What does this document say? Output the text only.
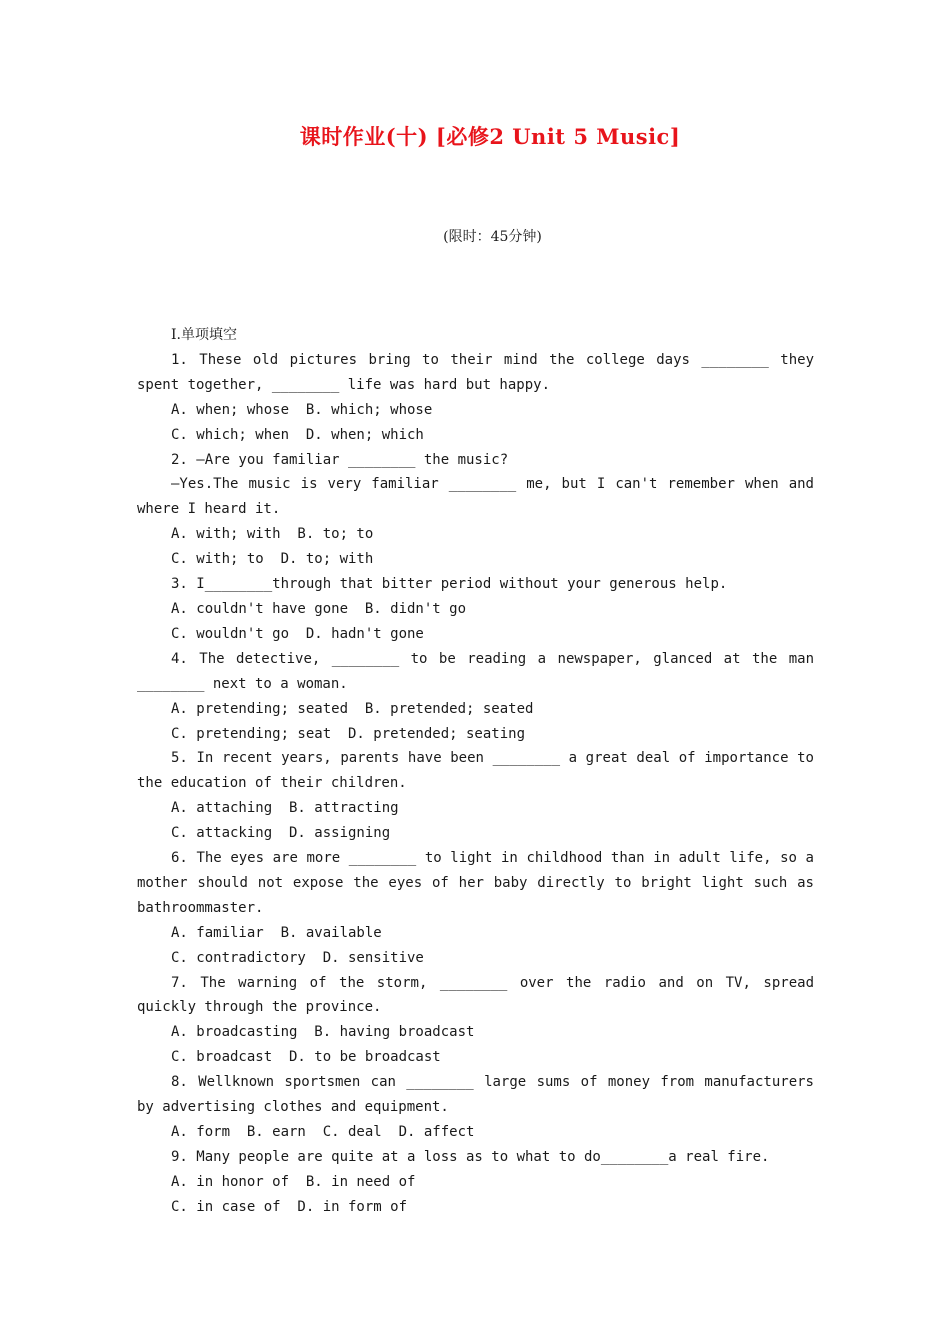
课时作业(十) [必修2 Unit 5 Music]
(限时：45分钟)

Ⅰ.单项填空

1. These old pictures bring to their mind the college days ________ they spent together, ________ life was hard but happy.

A. when; whose  B. which; whose

C. which; when  D. when; which

2. —Are you familiar ________ the music?

—Yes.The music is very familiar ________ me, but I can't remember when and where I heard it.

A. with; with  B. to; to

C. with; to  D. to; with

3. I________through that bitter period without your generous help.

A. couldn't have gone  B. didn't go

C. wouldn't go  D. hadn't gone

4. The detective, ________ to be reading a newspaper, glanced at the man ________ next to a woman.

A. pretending; seated  B. pretended; seated

C. pretending; seat  D. pretended; seating

5. In recent years, parents have been ________ a great deal of importance to the education of their children.

A. attaching  B. attracting

C. attacking  D. assigning

6. The eyes are more ________ to light in childhood than in adult life, so a mother should not expose the eyes of her baby directly to bright light such as bathroommaster.

A. familiar  B. available

C. contradictory  D. sensitive

7. The warning of the storm, ________ over the radio and on TV, spread quickly through the province.

A. broadcasting  B. having broadcast

C. broadcast  D. to be broadcast

8. Wellknown sportsmen can ________ large sums of money from manufacturers by advertising clothes and equipment.

A. form  B. earn  C. deal  D. affect

9. Many people are quite at a loss as to what to do________a real fire.

A. in honor of  B. in need of

C. in case of  D. in form of
